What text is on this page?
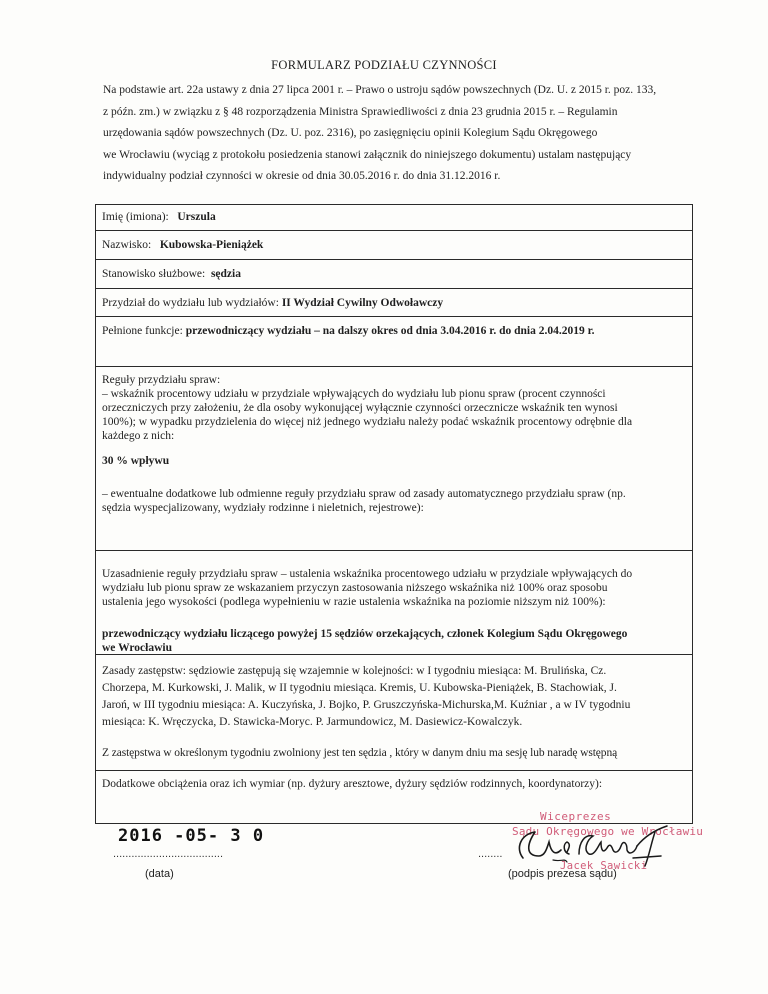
FORMULARZ PODZIAŁU CZYNNOŚCI

Na podstawie art. 22a ustawy z dnia 27 lipca 2001 r. – Prawo o ustroju sądów powszechnych (Dz. U. z 2015 r. poz. 133,

z późn. zm.) w związku z § 48 rozporządzenia Ministra Sprawiedliwości z dnia 23 grudnia 2015 r. – Regulamin

urzędowania sądów powszechnych (Dz. U. poz. 2316), po zasięgnięciu opinii Kolegium Sądu Okręgowego

we Wrocławiu (wyciąg z protokołu posiedzenia stanowi załącznik do niniejszego dokumentu) ustalam następujący

indywidualny podział czynności w okresie od dnia 30.05.2016 r. do dnia 31.12.2016 r.

Imię (imiona): Urszula
Nazwisko: Kubowska-Pieniążek
Stanowisko służbowe: sędzia
Przydział do wydziału lub wydziałów: II Wydział Cywilny Odwoławczy
Pełnione funkcje: przewodniczący wydziału – na dalszy okres od dnia 3.04.2016 r. do dnia 2.04.2019 r.
Reguły przydziału spraw:
– wskaźnik procentowy udziału w przydziale wpływających do wydziału lub pionu spraw (procent czynności
orzeczniczych przy założeniu, że dla osoby wykonującej wyłącznie czynności orzecznicze wskaźnik ten wynosi
100%); w wypadku przydzielenia do więcej niż jednego wydziału należy podać wskaźnik procentowy odrębnie dla
każdego z nich:
30 % wpływu
– ewentualne dodatkowe lub odmienne reguły przydziału spraw od zasady automatycznego przydziału spraw (np.
sędzia wyspecjalizowany, wydziały rodzinne i nieletnich, rejestrowe):
Uzasadnienie reguły przydziału spraw – ustalenia wskaźnika procentowego udziału w przydziale wpływających do
wydziału lub pionu spraw ze wskazaniem przyczyn zastosowania niższego wskaźnika niż 100% oraz sposobu
ustalenia jego wysokości (podlega wypełnieniu w razie ustalenia wskaźnika na poziomie niższym niż 100%):
przewodniczący wydziału liczącego powyżej 15 sędziów orzekających, członek Kolegium Sądu Okręgowego
we Wrocławiu
Zasady zastępstw: sędziowie zastępują się wzajemnie w kolejności: w I tygodniu miesiąca: M. Brulińska, Cz.
Chorzepa, M. Kurkowski, J. Malik, w II tygodniu miesiąca. Kremis, U. Kubowska-Pieniążek, B. Stachowiak, J.
Jaroń, w III tygodniu miesiąca: A. Kuczyńska, J. Bojko, P. Gruszczyńska-Michurska,M. Kuźniar , a w IV tygodniu
miesiąca: K. Wręczycka, D. Stawicka-Moryc. P. Jarmundowicz, M. Dasiewicz-Kowalczyk.
Z zastępstwa w określonym tygodniu zwolniony jest ten sędzia , który w danym dniu ma sesję lub naradę wstępną
Dodatkowe obciążenia oraz ich wymiar (np. dyżury aresztowe, dyżury sędziów rodzinnych, koordynatorzy):
2016 -05- 3 0
....................................
(data)
Wiceprezes
Sądu Okręgowego we Wrocławiu
Jacek Sawicki
........
(podpis prezesa sądu)
